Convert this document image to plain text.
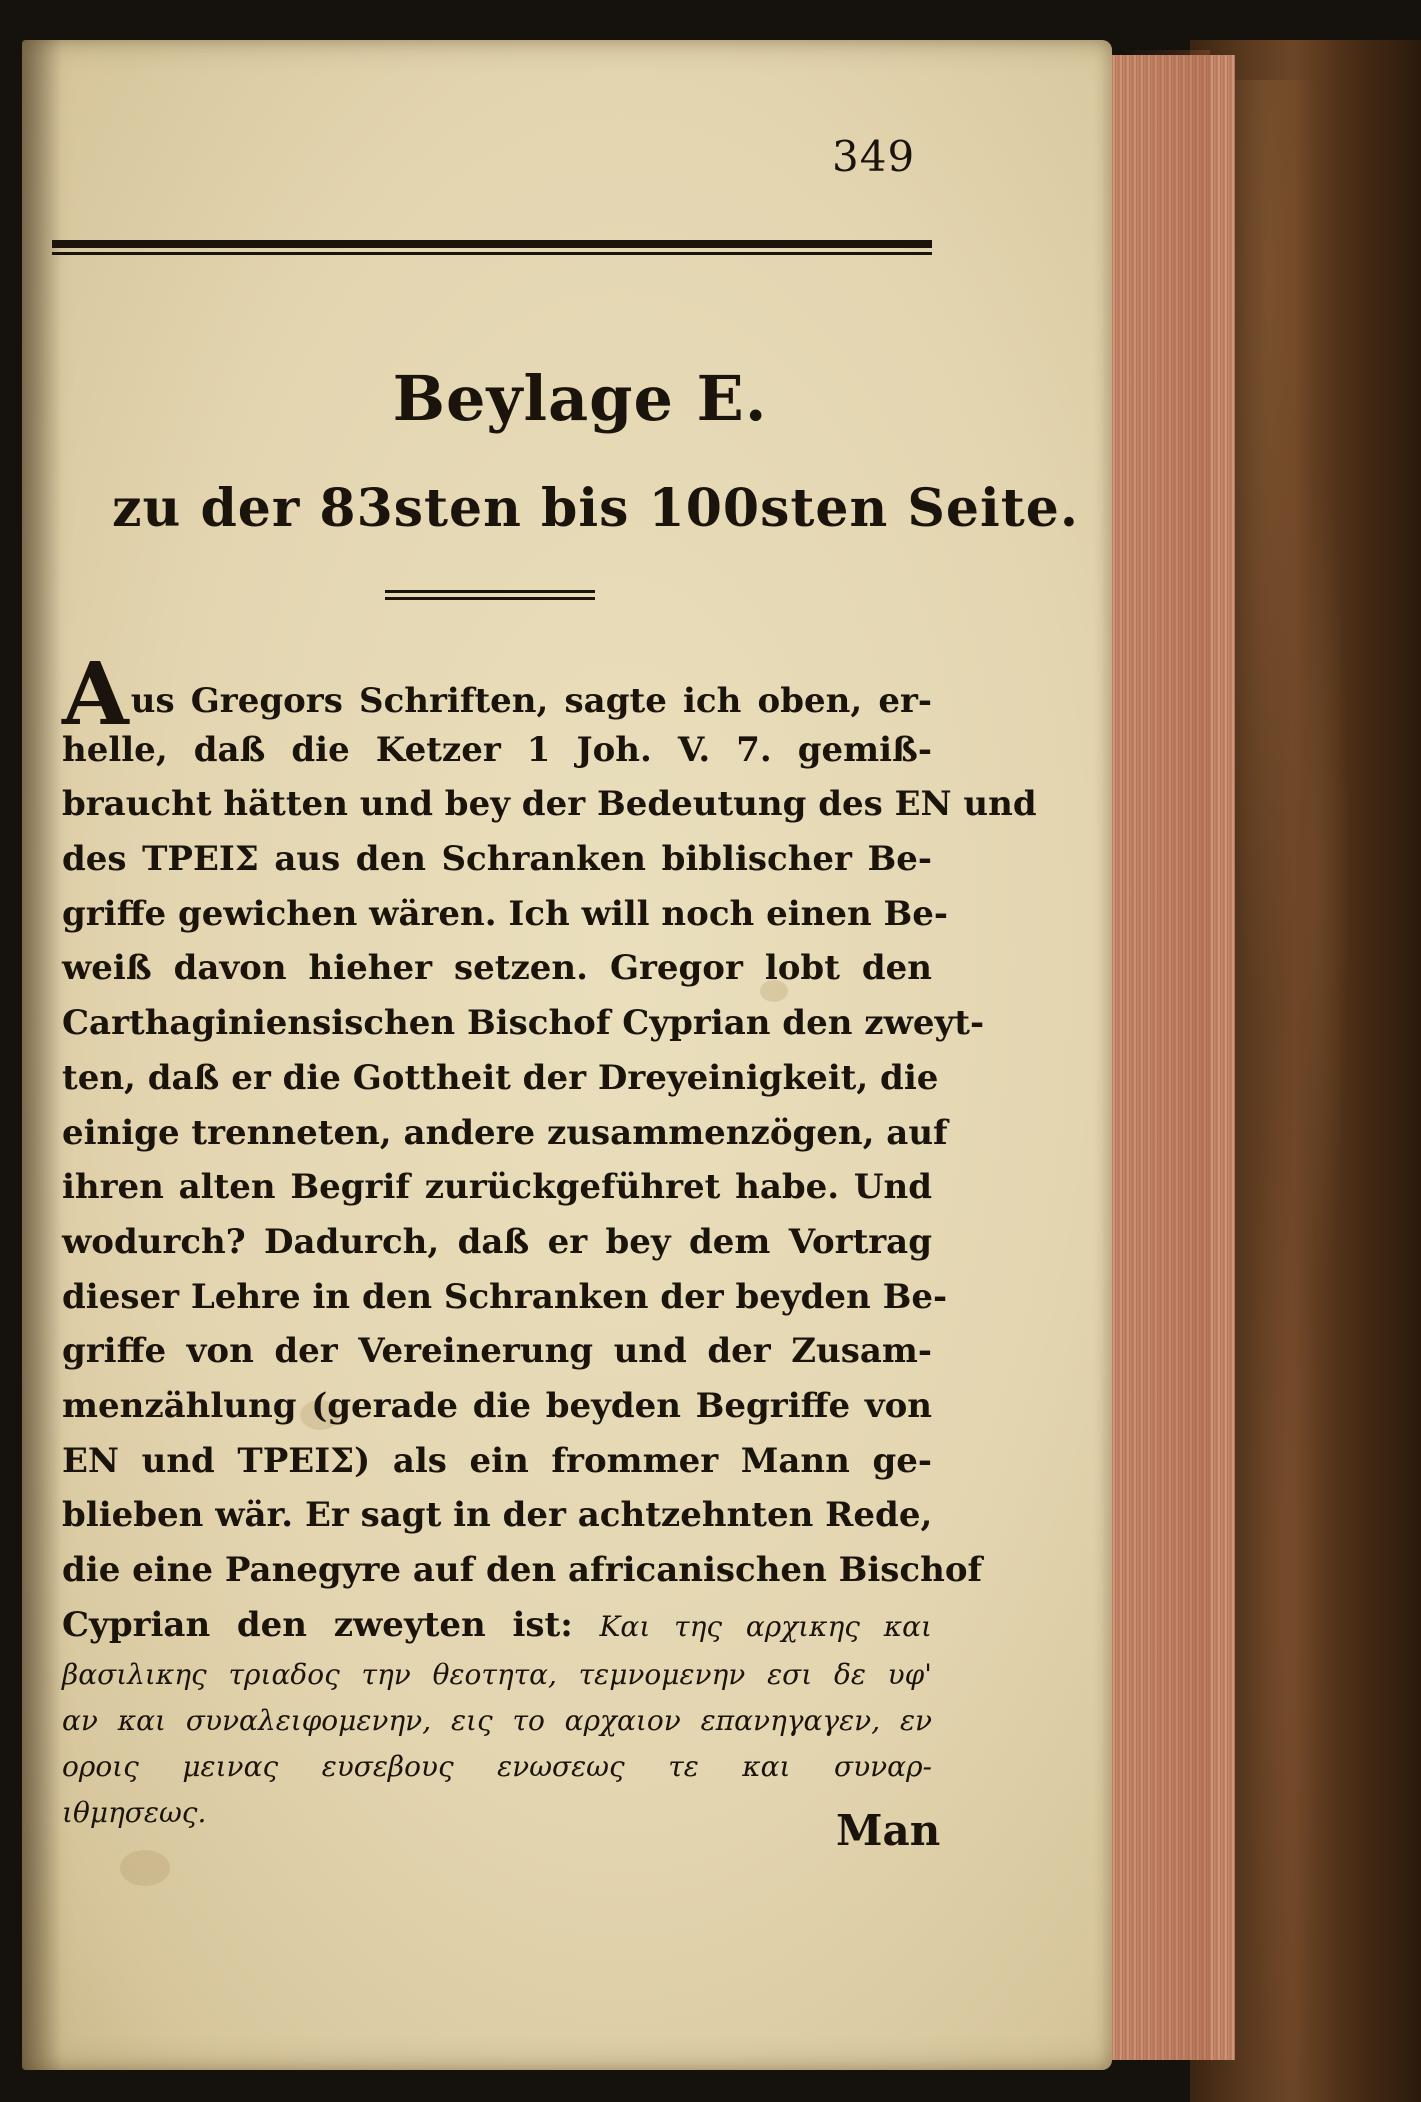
349
Beylage E.
zu der 83sten bis 100sten Seite.
Aus Gregors Schriften, sagte ich oben, er-
helle, daß die Ketzer 1 Joh. V. 7. gemiß-
braucht hätten und bey der Bedeutung des ΕΝ und
des ΤΡΕΙΣ aus den Schranken biblischer Be-
griffe gewichen wären. Ich will noch einen Be-
weiß davon hieher setzen. Gregor lobt den
Carthaginiensischen Bischof Cyprian den zweyt-
ten, daß er die Gottheit der Dreyeinigkeit, die
einige trenneten, andere zusammenzögen, auf
ihren alten Begrif zurückgeführet habe. Und
wodurch? Dadurch, daß er bey dem Vortrag
dieser Lehre in den Schranken der beyden Be-
griffe von der Vereinerung und der Zusam-
menzählung (gerade die beyden Begriffe von
ΕΝ und ΤΡΕΙΣ) als ein frommer Mann ge-
blieben wär. Er sagt in der achtzehnten Rede,
die eine Panegyre auf den africanischen Bischof
Cyprian den zweyten ist: Και της αρχικης και
βασιλικης τριαδος την θεοτητα, τεμνομενην εσι δε υφ'
αν και συναλειφομενην, εις το αρχαιον επανηγαγεν, εν
οροις μεινας ευσεβους ενωσεως τε και συναρ-
ιθμησεως.	Man
